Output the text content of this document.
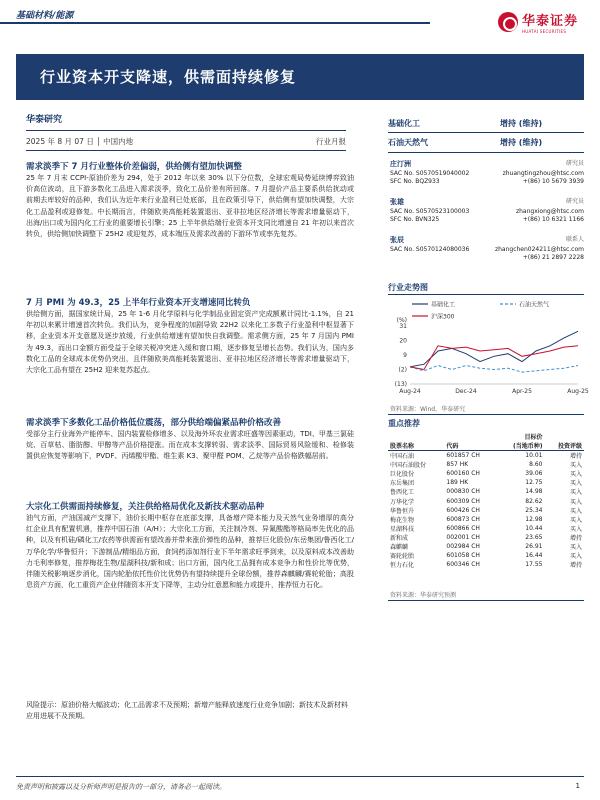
基础材料/能源	华泰证券
HUATAI SECURITIES
行业资本开支降速，供需面持续修复
华泰研究
2025 年 8 月 07 日 │ 中国内地	行业月报
需求淡季下 7 月行业整体价差偏弱，供给侧有望加快调整
25 年 7 月末 CCPI-原油价差为 294，处于 2012 年以来 30% 以下分位数，全球宏观局势延续博弈致油价高位波动，且下游多数化工品进入需求淡季，致化工品价差有所回落。7 月提价产品主要系供给扰动或前期去库较好的品种，我们认为近年来行业盈利已处底部，且在政策引导下，供给侧有望加快调整，大宗化工品盈利或迎修复。中长期而言，伴随欧美高能耗装置退出、亚非拉地区经济增长等需求增量驱动下，出海/出口或为国内化工行业的重要增长引擎；25 上半年供给端行业资本开支同比增速自 21 年初以来首次转负，供给侧加快调整下 25H2 或迎复苏，成本端压及需求改善的下游环节或率先复苏。
7 月 PMI 为 49.3，25 上半年行业资本开支增速同比转负
供给侧方面，据国家统计局，25 年 1-6 月化学原料与化学制品业固定资产完成额累计同比-1.1%，自 21 年初以来累计增速首次转负。我们认为，竞争程度的加剧导致 22H2 以来化工多数子行业盈利中枢显著下移，企业资本开支意愿及逐步放缓，行业供给增速有望加快自我调整。需求侧方面，25 年 7 月国内 PMI 为 49.3，而出口金额方面受益于全球关税冲突进入缓和窗口期，逐步修复呈增长态势。我们认为，国内多数化工品的全球成本优势仍突出，且伴随欧美高能耗装置退出、亚非拉地区经济增长等需求增量驱动下，大宗化工品有望在 25H2 迎来复苏起点。
需求淡季下多数化工品价格低位震荡，部分供给端偏紧品种价格改善
受部分主行业海外产能停车、国内装置检修增多、以及海外环农业需求旺盛等因素驱动，TDI、甲基三氯硅烷、百草枯、脂肪醇、甲醇等产品价格提涨。而在成本支撑转弱、需求淡季、国际贸易风险缓和、检修装置供应恢复等影响下，PVDF、丙烯酸甲酯、维生素 K3、聚甲醛 POM、乙烷等产品价格跌幅居前。
大宗化工供需面持续修复，关注供给格局优化及新技术驱动品种
油气方面，产油国减产支撑下，油价长期中枢存在底部支撑，具备增产降本能力及天然气业务增厚的高分红企业具有配置机遇，推荐中国石油（A/H）；大宗化工方面，关注制冷剂、异氰酸酯等格局率先优化的品种，以及有机硅/磷化工/农药等供需面有望改善并带来涨价弹性的品种，推荐巨化股份/东岳集团/鲁西化工/万华化学/华鲁恒升；下游制品/精细品方面，食饲药添加剂行业下半年需求旺季到来，以及原料成本改善助力毛利率修复，推荐梅花生物/星湖科技/新和成；出口方面，国内化工品拥有成本竞争力和性价比等优势，伴随关税影响逐步消化，国内轮胎依托性价比优势仍有望持续提升全球份额，推荐森麒麟/赛轮轮胎；高股息资产方面，化工重资产企业伴随资本开支下降等，主动分红意愿和能力或提升，推荐恒力石化。
风险提示：原油价格大幅波动；化工品需求不及预期；新增产能释放速度行业竞争加剧；新技术及新材料应用进展不及预期。
基础化工	增持 (维持)
石油天然气	增持 (维持)
庄汀洲	研究员
SAC No. S0570519040002	zhuangtingzhou@htsc.com
SFC No. BQZ933	+(86) 10 5679 3939
张雄	研究员
SAC No. S0570523100003	zhangxiong@htsc.com
SFC No. BVN325	+(86) 10 6321 1166
张辰	联系人
SAC No. S0570124080036	zhangchen024211@htsc.com
+(86) 21 2897 2228
行业走势图
基础化工	石油天然气
沪深300
31
20
9
(2)
(13)
(%)
Aug-24	Dec-24	Apr-25	Aug-25
资料来源：Wind，华泰研究
重点推荐
		目标价	
股票名称	代码	(当地币种)	投资评级
中国石油	601857 CH	10.01	增持
中国石油股份	857 HK	8.60	买入
巨化股份	600160 CH	39.06	买入
东岳集团	189 HK	12.75	买入
鲁西化工	000830 CH	14.98	买入
万华化学	600309 CH	82.62	买入
华鲁恒升	600426 CH	25.34	买入
梅花生物	600873 CH	12.98	买入
星湖科技	600866 CH	10.44	买入
新和成	002001 CH	23.65	增持
森麒麟	002984 CH	26.91	买入
赛轮轮胎	601058 CH	16.44	买入
恒力石化	600346 CH	17.55	增持
资料来源：华泰研究预测
免责声明和披露以及分析师声明是报告的一部分，请务必一起阅读。	1
